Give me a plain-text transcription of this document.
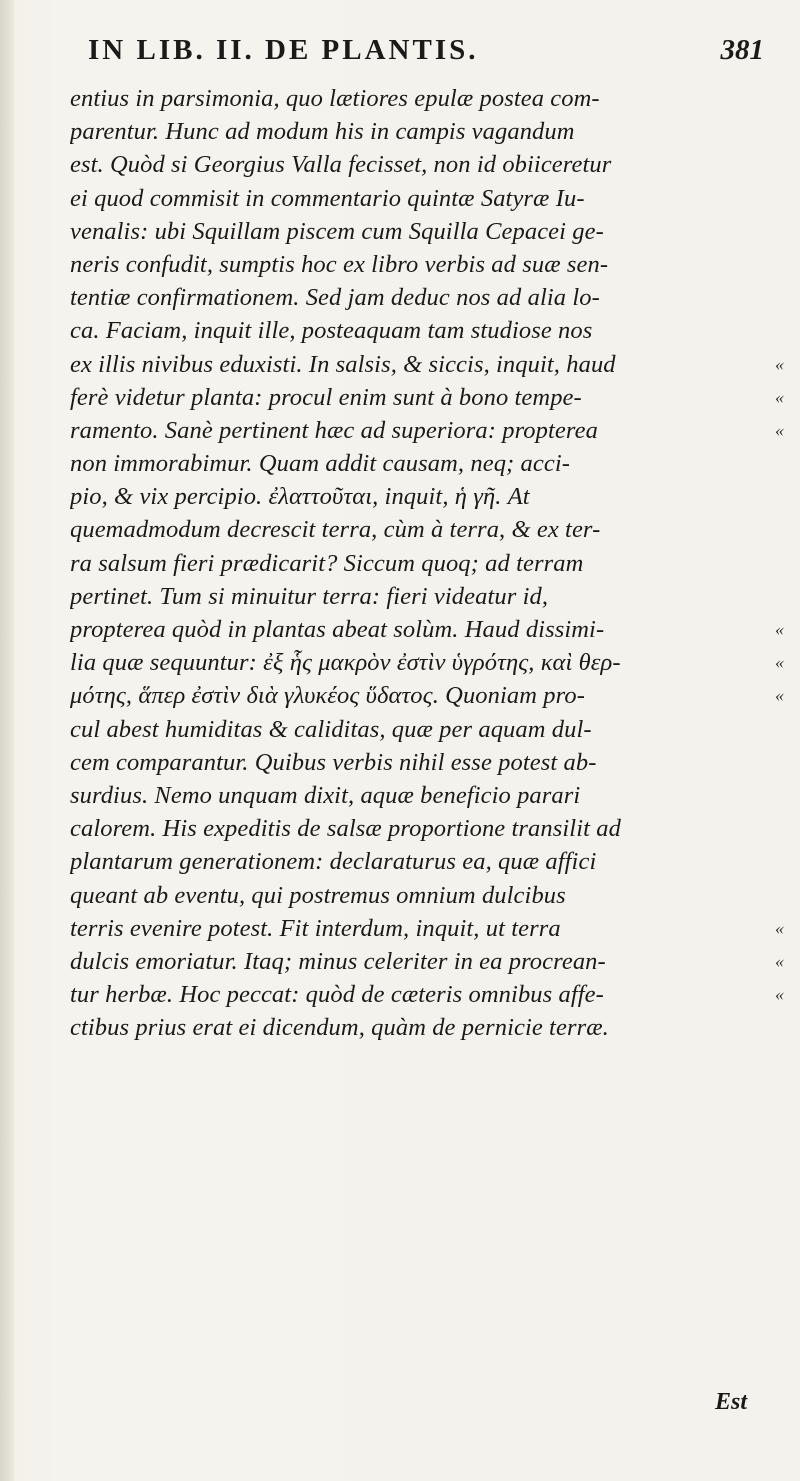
IN LIB. II. DE PLANTIS.	381
entius in parsimonia, quo lætiores epulæ postea com-
parentur. Hunc ad modum his in campis vagandum
est. Quòd si Georgius Valla fecisset, non id obiiceretur
ei quod commisit in commentario quintæ Satyræ Iu-
venalis: ubi Squillam piscem cum Squilla Cepacei ge-
neris confudit, sumptis hoc ex libro verbis ad suæ sen-
tentiæ confirmationem. Sed jam deduc nos ad alia lo-
ca. Faciam, inquit ille, posteaquam tam studiose nos
ex illis nivibus eduxisti. In salsis, & siccis, inquit, haud
ferè videtur planta: procul enim sunt à bono tempe-
ramento. Sanè pertinent hæc ad superiora: propterea
non immorabimur. Quam addit causam, neq; acci-
pio, & vix percipio. ἐλαττοῦται, inquit, ἡ γῆ. At
quemadmodum decrescit terra, cùm à terra, & ex ter-
ra salsum fieri prædicarit? Siccum quoq; ad terram
pertinet. Tum si minuitur terra: fieri videatur id,
propterea quòd in plantas abeat solùm. Haud dissimi-
lia quæ sequuntur: ἐξ ἧς μακρὸν ἐστὶν ὑγρότης, καὶ θερ-
μότης, ἅπερ ἐστὶν διὰ γλυκέος ὕδατος. Quoniam pro-
cul abest humiditas & caliditas, quæ per aquam dul-
cem comparantur. Quibus verbis nihil esse potest ab-
surdius. Nemo unquam dixit, aquæ beneficio parari
calorem. His expeditis de salsæ proportione transilit ad
plantarum generationem: declaraturus ea, quæ affici
queant ab eventu, qui postremus omnium dulcibus
terris evenire potest. Fit interdum, inquit, ut terra
dulcis emoriatur. Itaq; minus celeriter in ea procrean-
tur herbæ. Hoc peccat: quòd de cæteris omnibus affe-
ctibus prius erat ei dicendum, quàm de pernicie terræ.
«
«
«
«
«
«
«
«
«
Est
